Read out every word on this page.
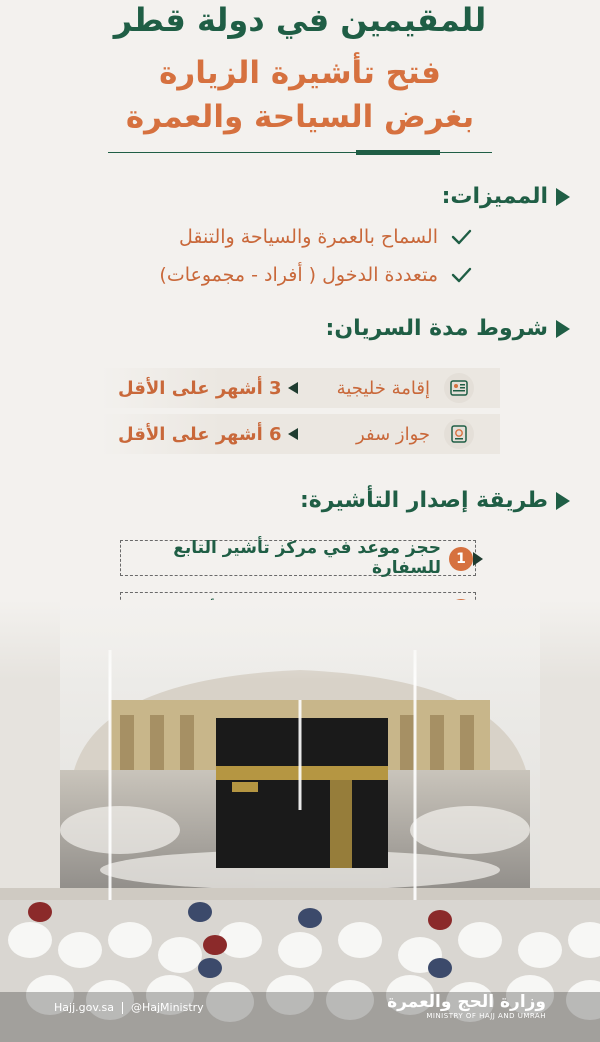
للمقيمين في دولة قطر
فتح تأشيرة الزيارة
بغرض السياحة والعمرة
المميزات:
السماح بالعمرة والسياحة والتنقل
متعددة الدخول ( أفراد - مجموعات)
شروط مدة السريان:
إقامة خليجية
3 أشهر على الأقل
جواز سفر
6 أشهر على الأقل
طريقة إصدار التأشيرة:
1
حجز موعد في مركز تأشير التابع للسفارة
Hajj.gov.sa @HajMinistry	وزارة الحج والعمرة
MINISTRY OF HAJJ AND UMRAH
